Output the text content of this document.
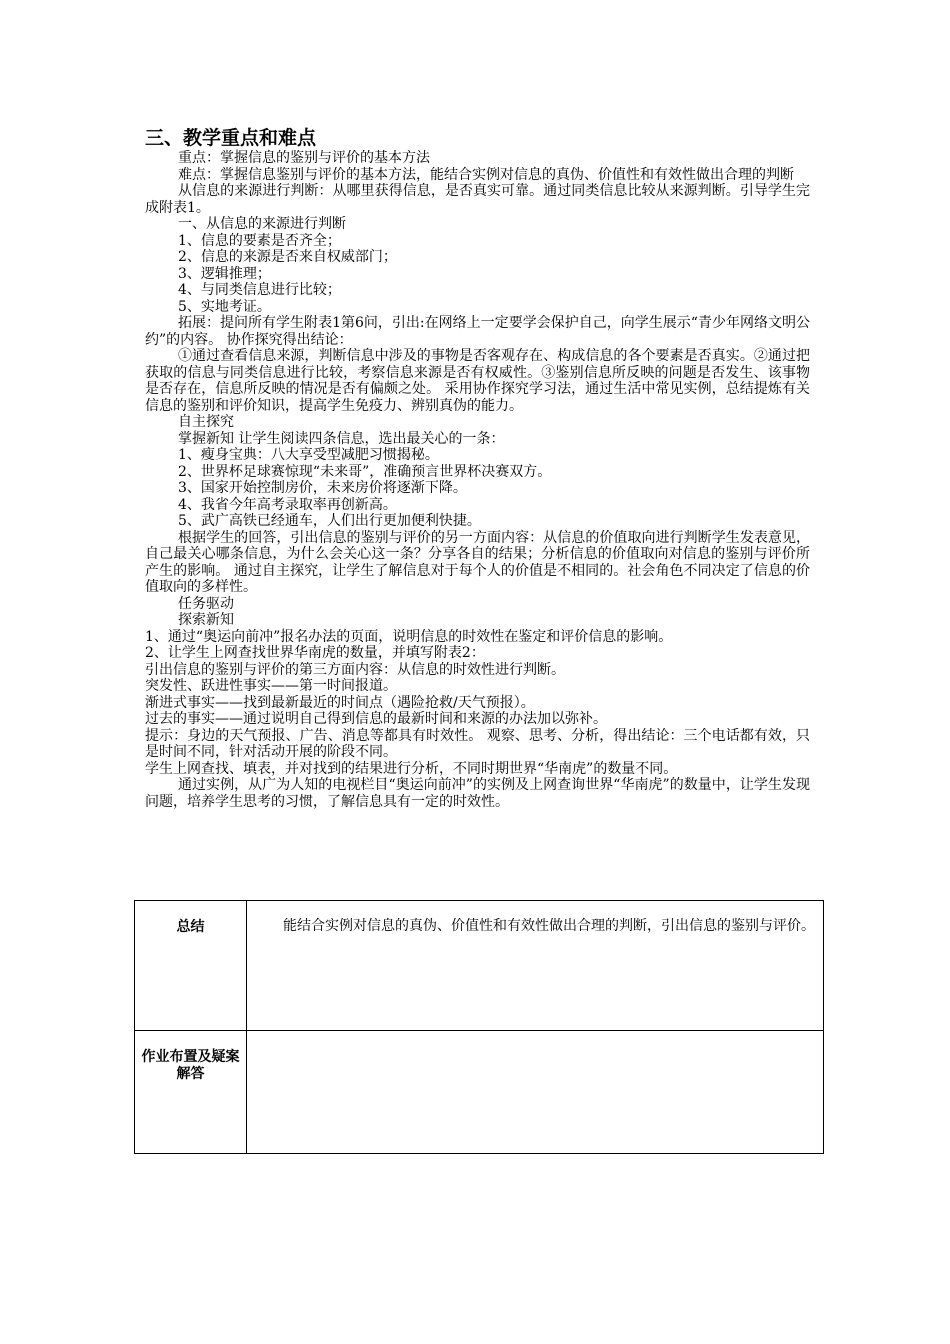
三、教学重点和难点

重点：掌握信息的鉴别与评价的基本方法

难点：掌握信息鉴别与评价的基本方法，能结合实例对信息的真伪、价值性和有效性做出合理的判断

从信息的来源进行判断：从哪里获得信息，是否真实可靠。通过同类信息比较从来源判断。引导学生完成附表1。

一、从信息的来源进行判断

1、信息的要素是否齐全；

2、信息的来源是否来自权威部门；

3、逻辑推理；

4、与同类信息进行比较；

5、实地考证。

拓展：提问所有学生附表1第6问，引出:在网络上一定要学会保护自己，向学生展示“青少年网络文明公约”的内容。 协作探究得出结论：

①通过查看信息来源，判断信息中涉及的事物是否客观存在、构成信息的各个要素是否真实。②通过把获取的信息与同类信息进行比较，考察信息来源是否有权威性。③鉴别信息所反映的问题是否发生、该事物是否存在，信息所反映的情况是否有偏颇之处。 采用协作探究学习法，通过生活中常见实例，总结提炼有关信息的鉴别和评价知识，提高学生免疫力、辨别真伪的能力。

自主探究

掌握新知 让学生阅读四条信息，选出最关心的一条：

1、瘦身宝典：八大享受型减肥习惯揭秘。

2、世界杯足球赛惊现“未来哥”，准确预言世界杯决赛双方。

3、国家开始控制房价，未来房价将逐渐下降。

4、我省今年高考录取率再创新高。

5、武广高铁已经通车，人们出行更加便利快捷。

根据学生的回答，引出信息的鉴别与评价的另一方面内容：从信息的价值取向进行判断学生发表意见，自己最关心哪条信息，为什么会关心这一条？分享各自的结果；分析信息的价值取向对信息的鉴别与评价所产生的影响。 通过自主探究，让学生了解信息对于每个人的价值是不相同的。社会角色不同决定了信息的价值取向的多样性。

任务驱动

探索新知

1、通过“奥运向前冲”报名办法的页面，说明信息的时效性在鉴定和评价信息的影响。

2、让学生上网查找世界华南虎的数量，并填写附表2：

引出信息的鉴别与评价的第三方面内容：从信息的时效性进行判断。

突发性、跃进性事实——第一时间报道。

渐进式事实——找到最新最近的时间点（遇险抢救/天气预报）。

过去的事实——通过说明自己得到信息的最新时间和来源的办法加以弥补。

提示：身边的天气预报、广告、消息等都具有时效性。 观察、思考、分析，得出结论：三个电话都有效，只是时间不同，针对活动开展的阶段不同。

学生上网查找、填表，并对找到的结果进行分析，不同时期世界“华南虎”的数量不同。

通过实例，从广为人知的电视栏目“奥运向前冲”的实例及上网查询世界“华南虎”的数量中，让学生发现问题，培养学生思考的习惯，了解信息具有一定的时效性。

总结	能结合实例对信息的真伪、价值性和有效性做出合理的判断，引出信息的鉴别与评价。

作业布置及疑案解答	
